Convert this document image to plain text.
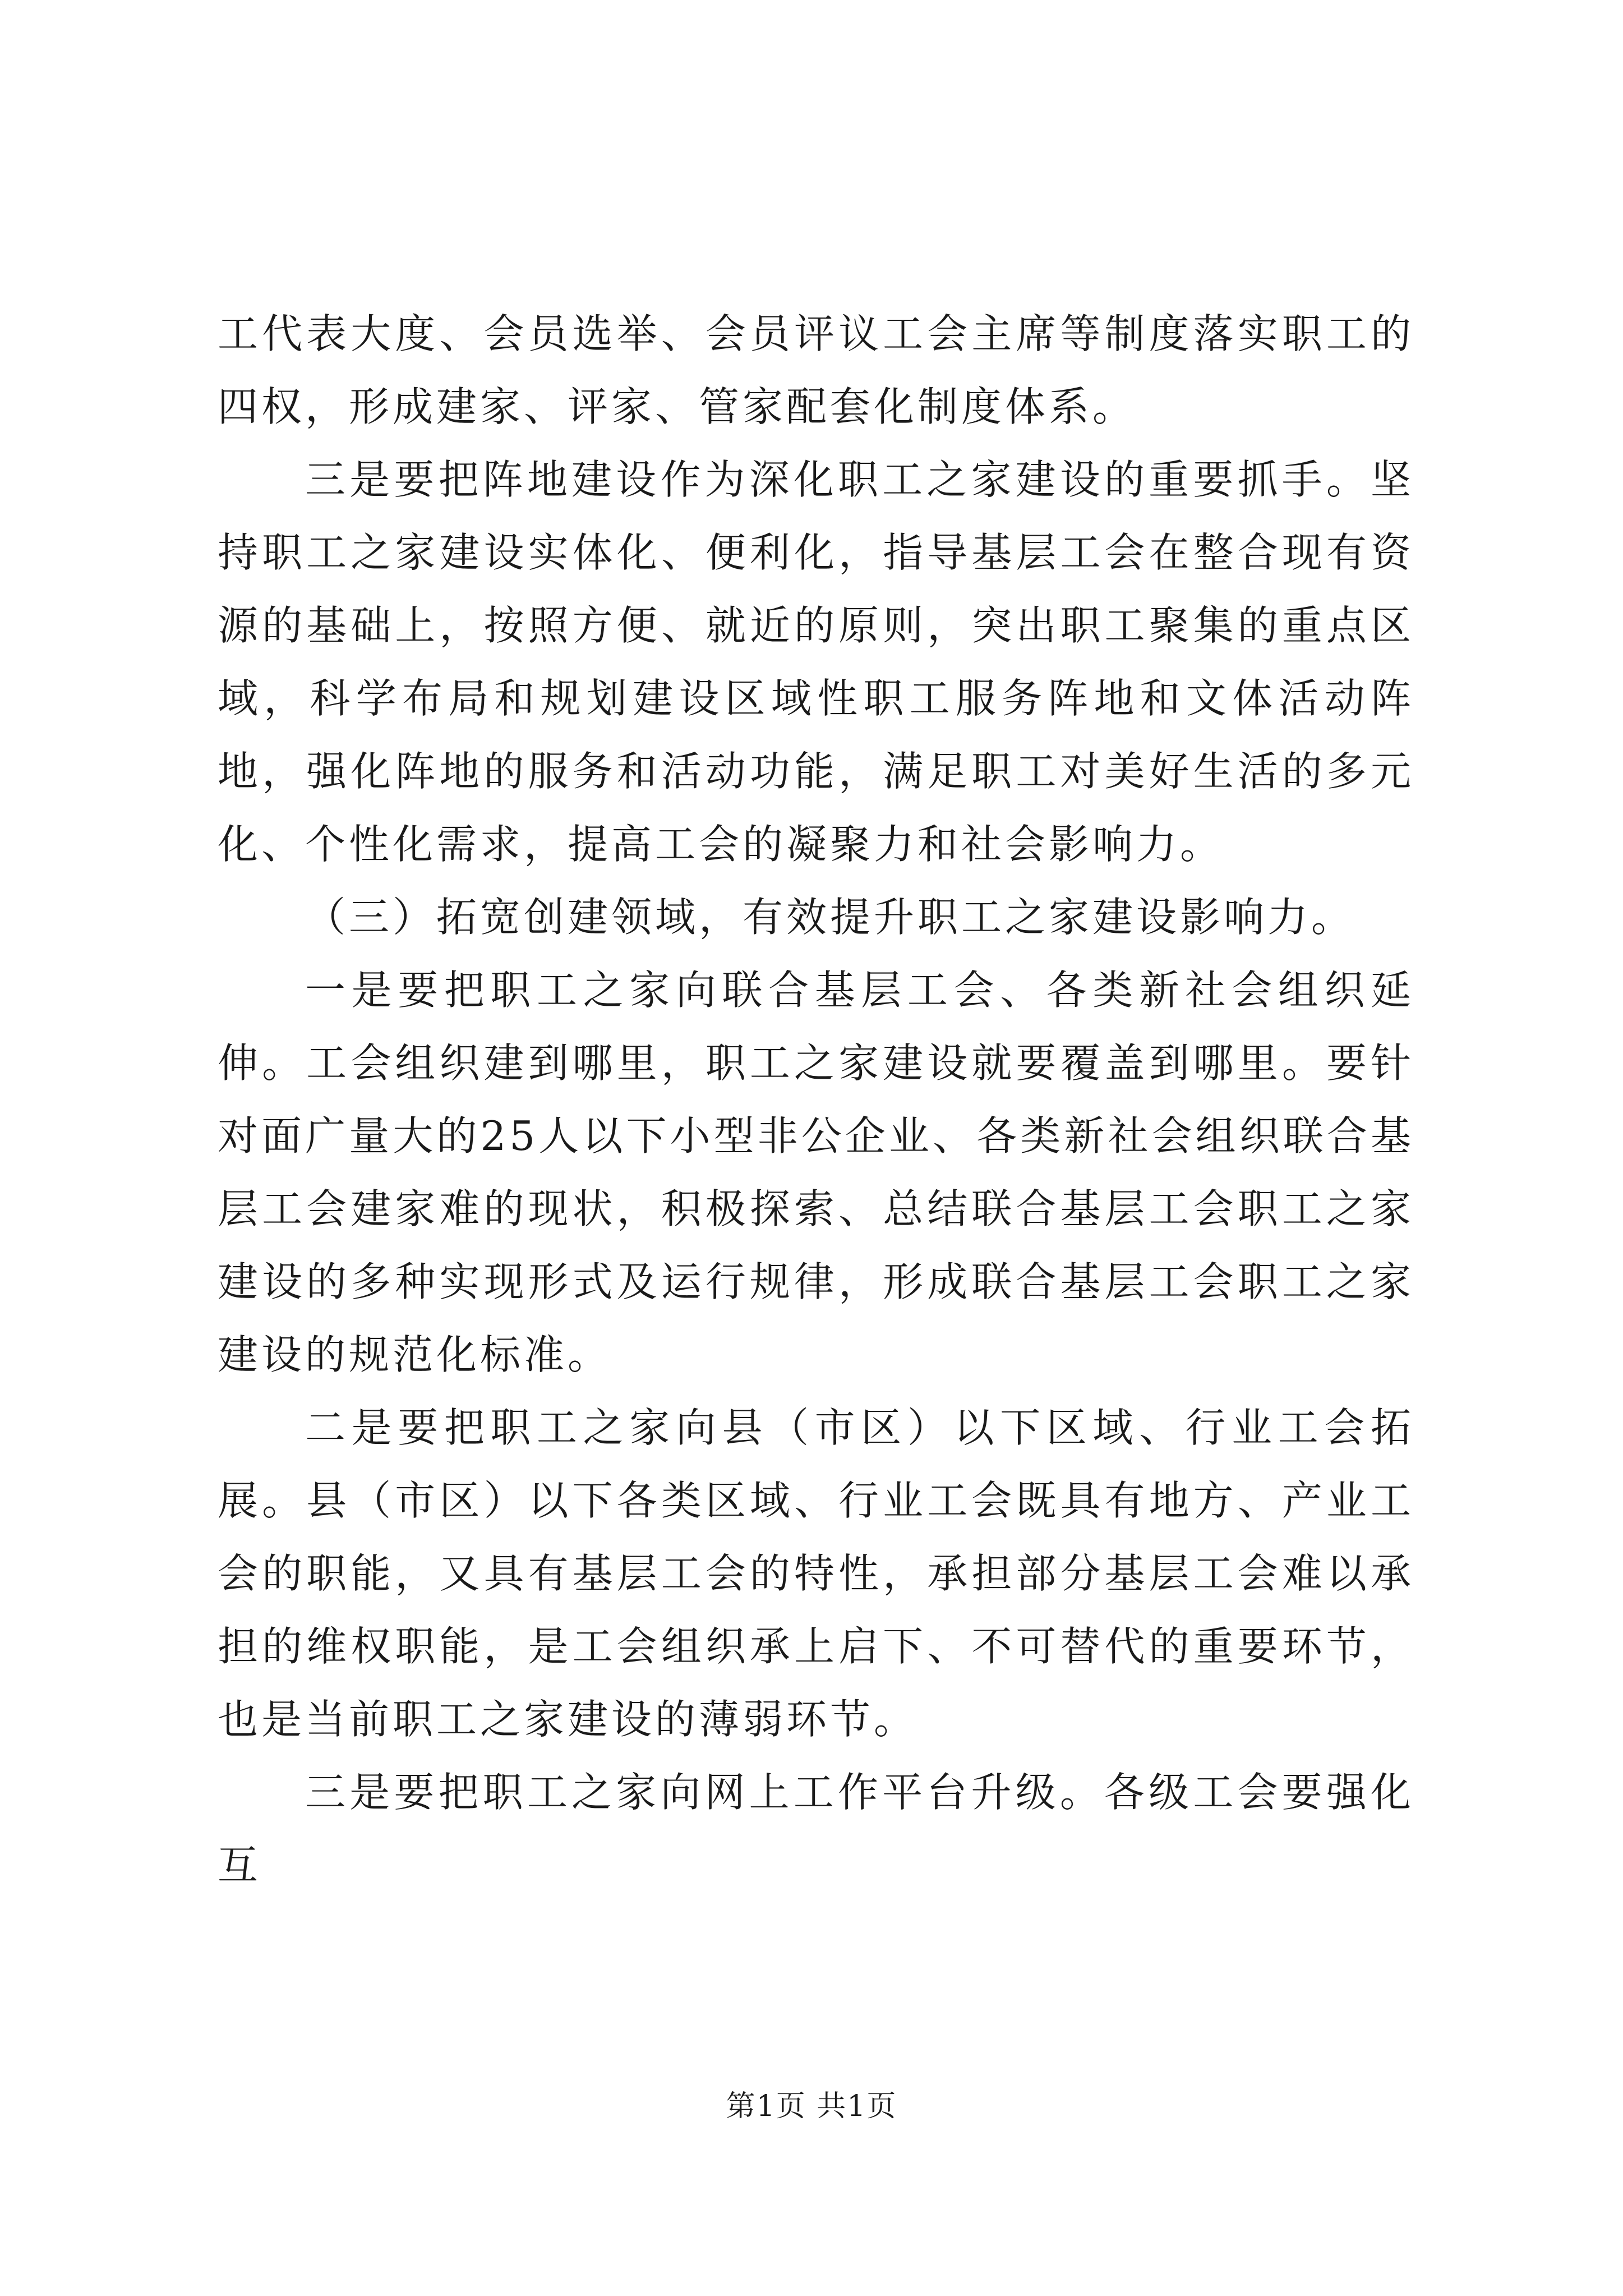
工代表大度、会员选举、会员评议工会主席等制度落实职工的四权，形成建家、评家、管家配套化制度体系。

三是要把阵地建设作为深化职工之家建设的重要抓手。坚持职工之家建设实体化、便利化，指导基层工会在整合现有资源的基础上，按照方便、就近的原则，突出职工聚集的重点区域，科学布局和规划建设区域性职工服务阵地和文体活动阵地，强化阵地的服务和活动功能，满足职工对美好生活的多元化、个性化需求，提高工会的凝聚力和社会影响力。

（三）拓宽创建领域，有效提升职工之家建设影响力。

一是要把职工之家向联合基层工会、各类新社会组织延伸。工会组织建到哪里，职工之家建设就要覆盖到哪里。要针对面广量大的25人以下小型非公企业、各类新社会组织联合基层工会建家难的现状，积极探索、总结联合基层工会职工之家建设的多种实现形式及运行规律，形成联合基层工会职工之家建设的规范化标准。

二是要把职工之家向县（市区）以下区域、行业工会拓展。县（市区）以下各类区域、行业工会既具有地方、产业工会的职能，又具有基层工会的特性，承担部分基层工会难以承担的维权职能，是工会组织承上启下、不可替代的重要环节，也是当前职工之家建设的薄弱环节。

三是要把职工之家向网上工作平台升级。各级工会要强化互

第1页 共1页
